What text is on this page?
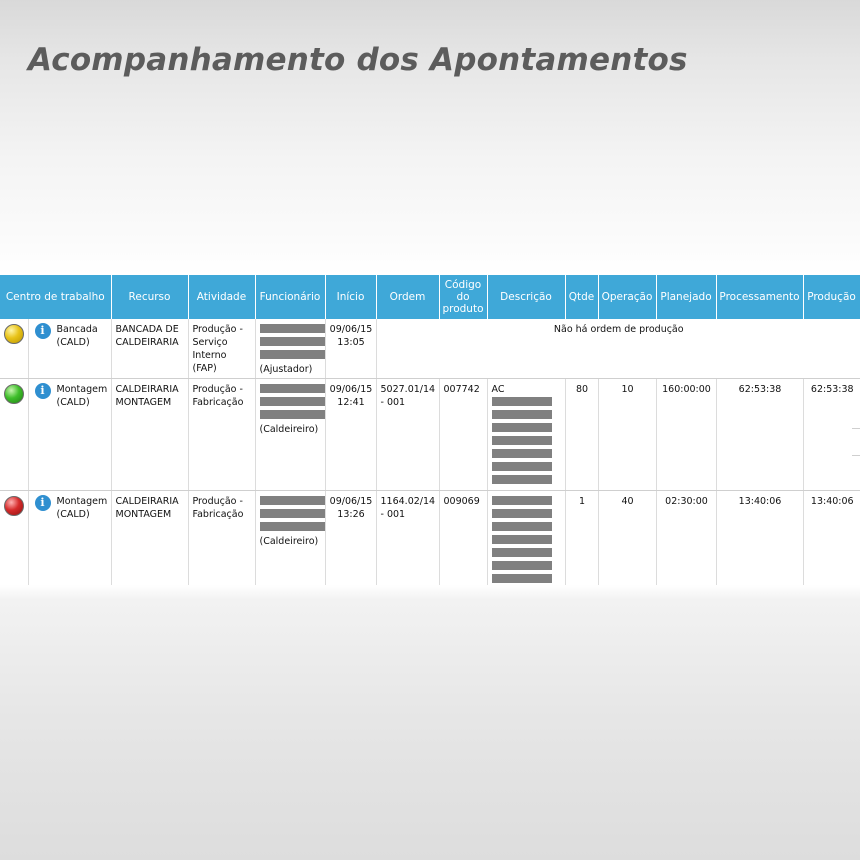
Acompanhamento dos Apontamentos
Centro de trabalho		Recurso	Atividade	Funcionário	Início	Ordem	Código do produto	Descrição	Qtde	Operação	Planejado	Processamento	Produção

	i Bancada (CALD)	BANCADA DE CALDEIRARIA	Produção - Serviço Interno (FAP)	(Ajustador)	09/06/15 13:05	Não há ordem de produção							

	i Montagem (CALD)	CALDEIRARIA MONTAGEM	Produção - Fabricação	(Caldeireiro)	09/06/15 12:41	5027.01/14 - 001	007742	AC	80	10	160:00:00	62:53:38	62:53:38

	i Montagem (CALD)	CALDEIRARIA MONTAGEM	Produção - Fabricação	(Caldeireiro)	09/06/15 13:26	1164.02/14 - 001	009069		1	40	02:30:00	13:40:06	13:40:06
